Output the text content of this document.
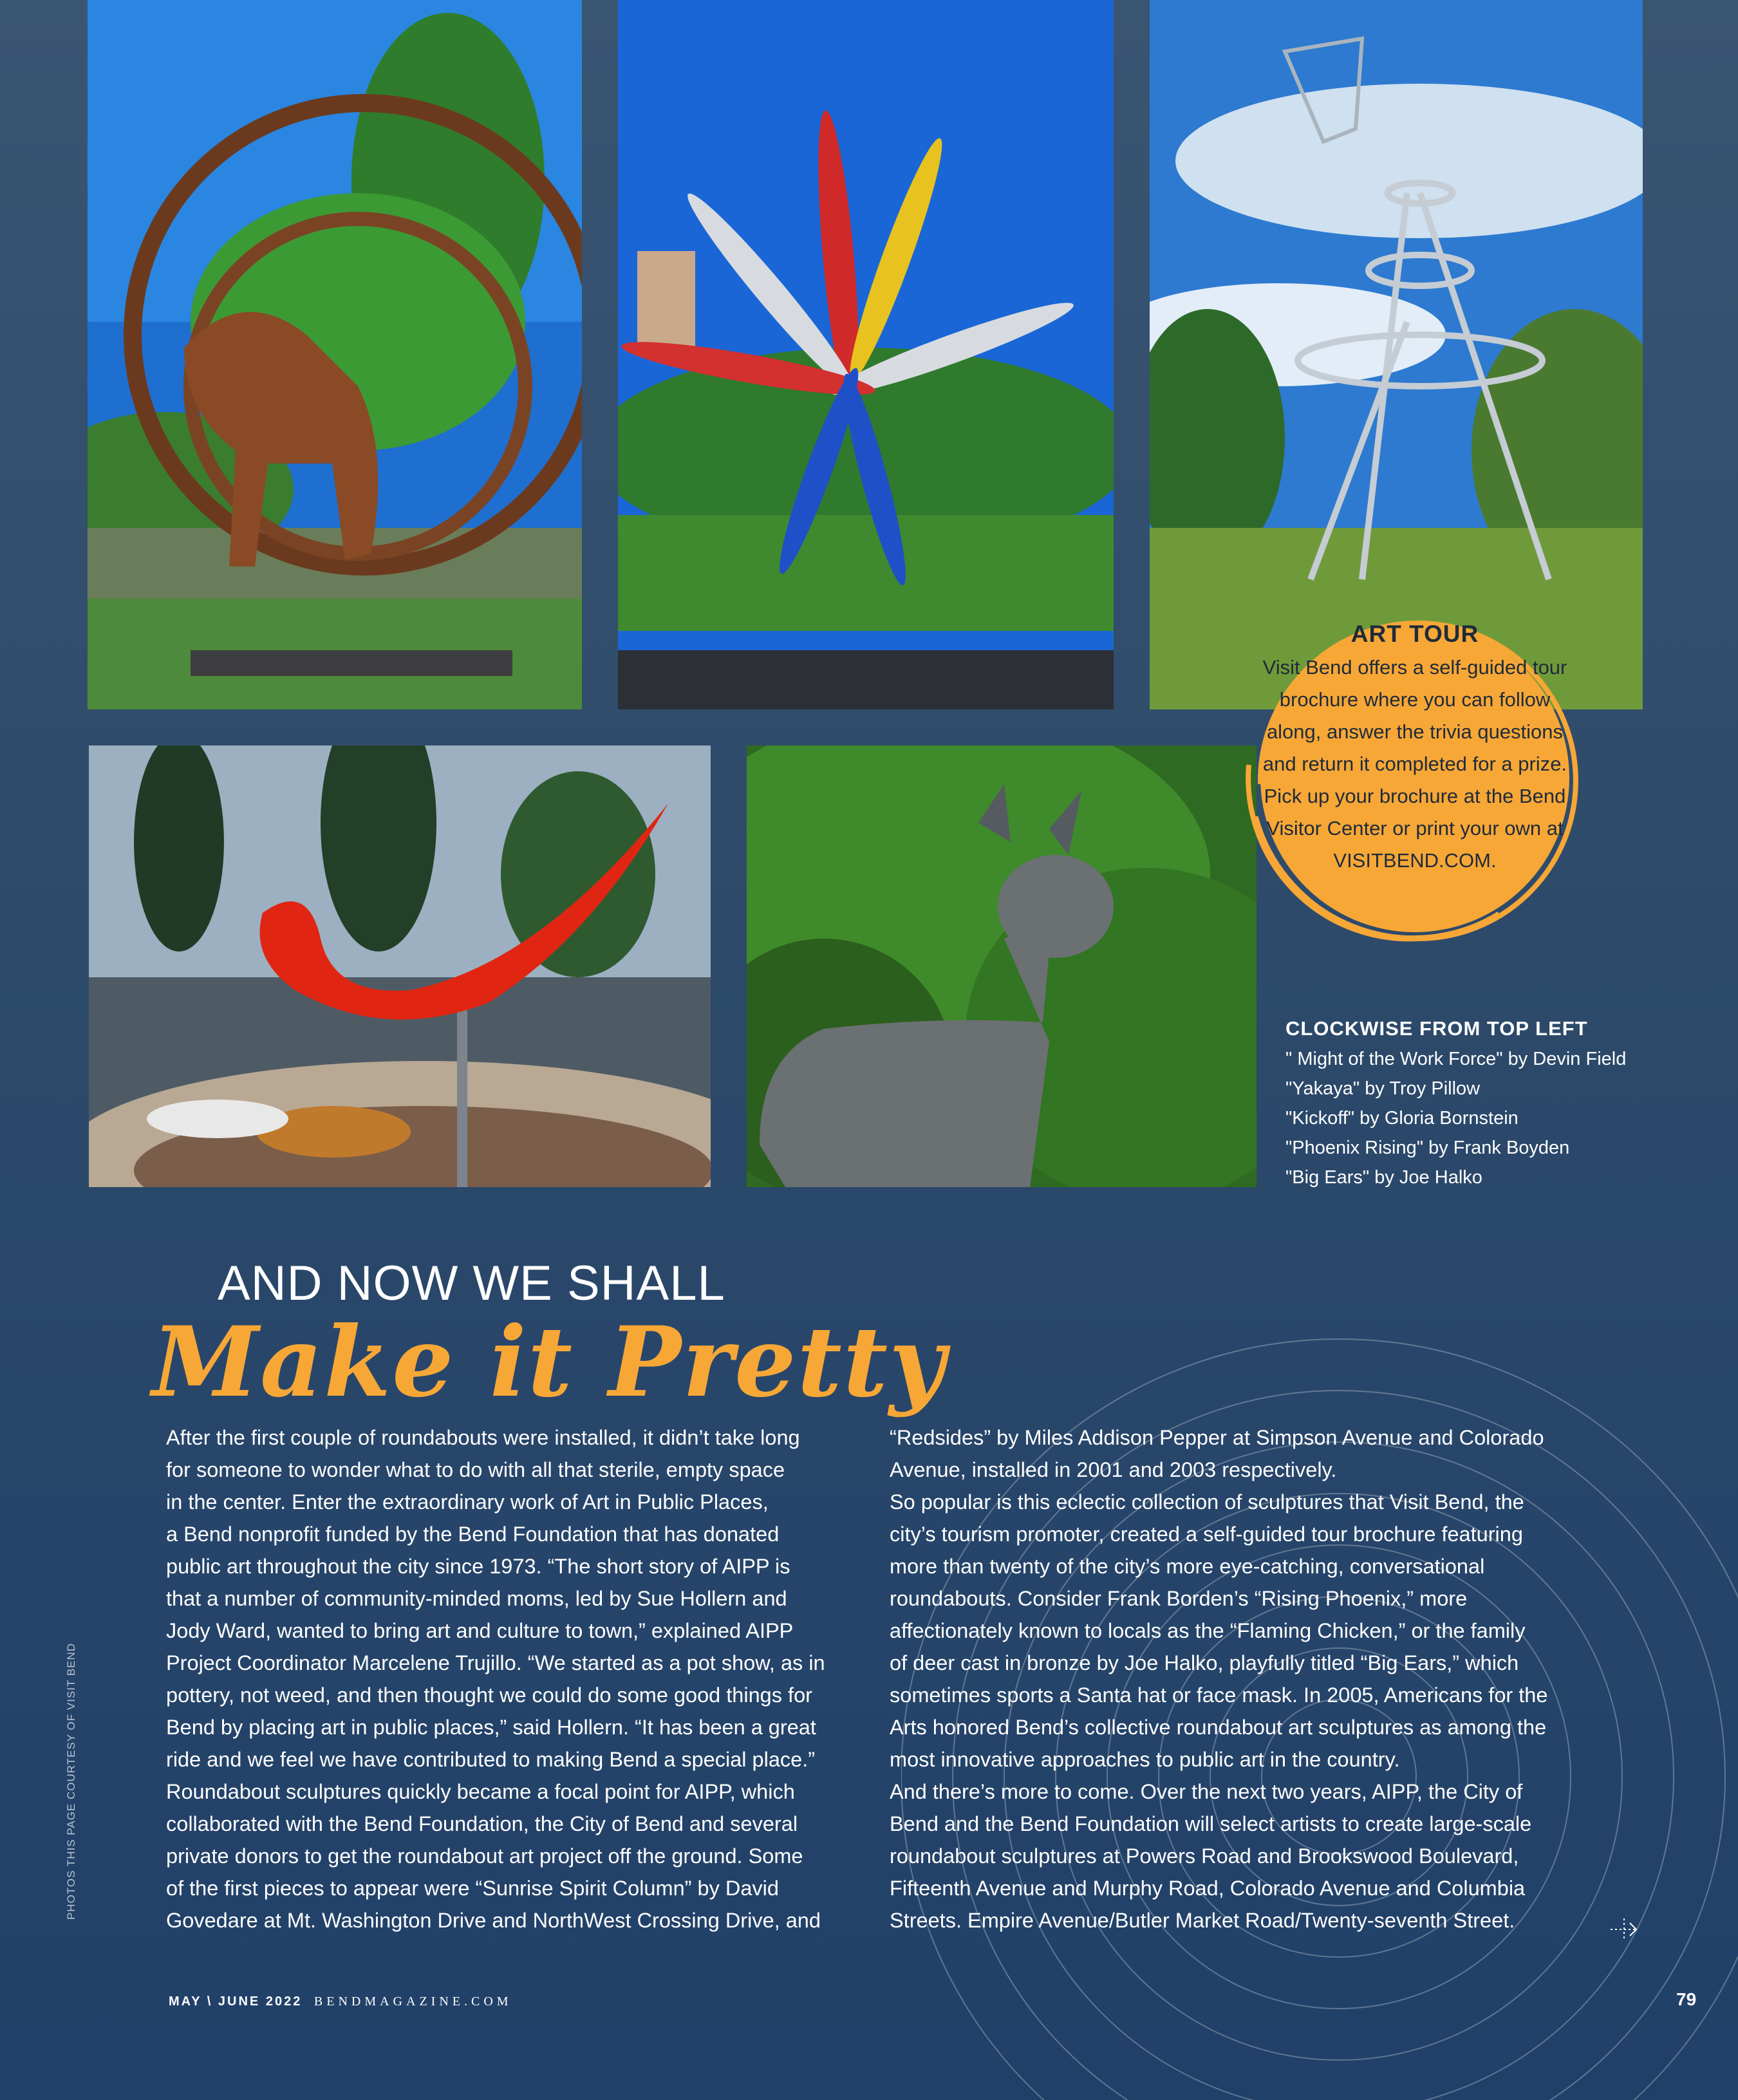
ART TOUR
Visit Bend offers a self-guided tour brochure where you can follow along, answer the trivia questions and return it completed for a prize. Pick up your brochure at the Bend Visitor Center or print your own at VISITBEND.COM.
CLOCKWISE FROM TOP LEFT
" Might of the Work Force" by Devin Field
"Yakaya" by Troy Pillow
"Kickoff" by Gloria Bornstein
"Phoenix Rising" by Frank Boyden
"Big Ears" by Joe Halko
AND NOW WE SHALL
Make it Pretty
After the first couple of roundabouts were installed, it didn’t take long
for someone to wonder what to do with all that sterile, empty space
in the center. Enter the extraordinary work of Art in Public Places,
a Bend nonprofit funded by the Bend Foundation that has donated
public art throughout the city since 1973. “The short story of AIPP is
that a number of community-minded moms, led by Sue Hollern and
Jody Ward, wanted to bring art and culture to town,” explained AIPP
Project Coordinator Marcelene Trujillo. “We started as a pot show, as in
pottery, not weed, and then thought we could do some good things for
Bend by placing art in public places,” said Hollern. “It has been a great
ride and we feel we have contributed to making Bend a special place.”
Roundabout sculptures quickly became a focal point for AIPP, which
collaborated with the Bend Foundation, the City of Bend and several
private donors to get the roundabout art project off the ground. Some
of the first pieces to appear were “Sunrise Spirit Column” by David
Govedare at Mt. Washington Drive and NorthWest Crossing Drive, and
“Redsides” by Miles Addison Pepper at Simpson Avenue and Colorado
Avenue, installed in 2001 and 2003 respectively.
So popular is this eclectic collection of sculptures that Visit Bend, the
city’s tourism promoter, created a self-guided tour brochure featuring
more than twenty of the city’s more eye-catching, conversational
roundabouts. Consider Frank Borden’s “Rising Phoenix,” more
affectionately known to locals as the “Flaming Chicken,” or the family
of deer cast in bronze by Joe Halko, playfully titled “Big Ears,” which
sometimes sports a Santa hat or face mask. In 2005, Americans for the
Arts honored Bend’s collective roundabout art sculptures as among the
most innovative approaches to public art in the country.
And there’s more to come. Over the next two years, AIPP, the City of
Bend and the Bend Foundation will select artists to create large-scale
roundabout sculptures at Powers Road and Brookswood Boulevard,
Fifteenth Avenue and Murphy Road, Colorado Avenue and Columbia
Streets. Empire Avenue/Butler Market Road/Twenty-seventh Street.
PHOTOS THIS PAGE COURTESY OF VISIT BEND
MAY \ JUNE 2022 BENDMAGAZINE.COM	79
